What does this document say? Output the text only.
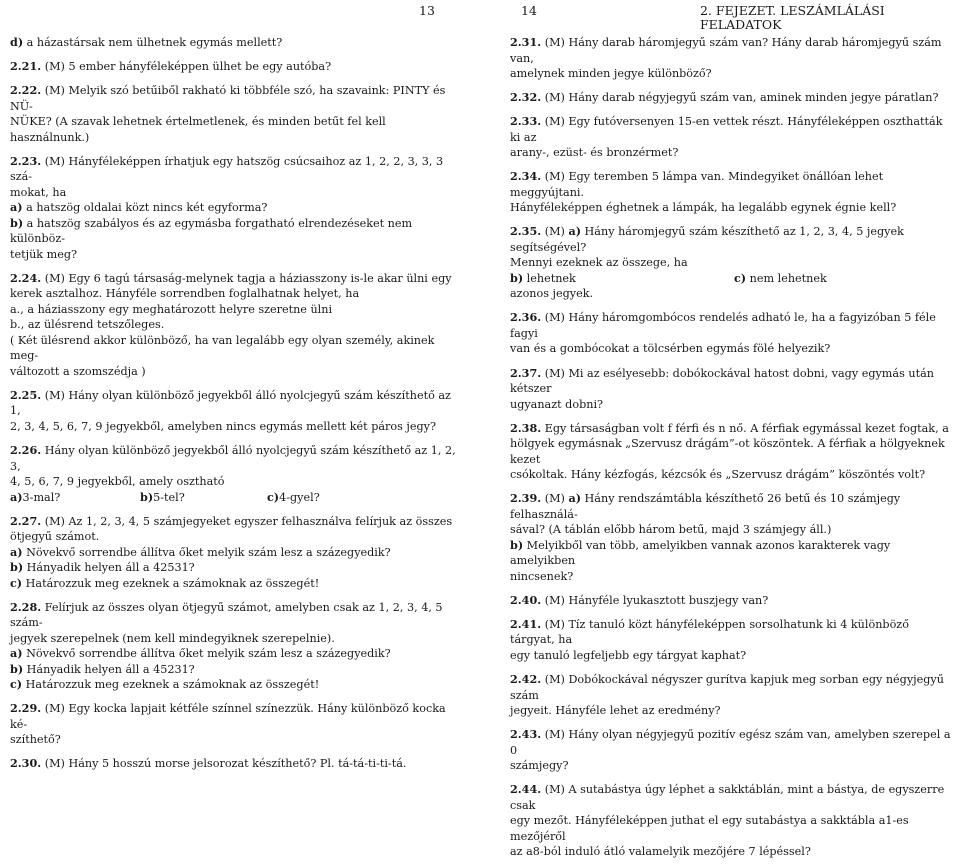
13

d) a házastársak nem ülhetnek egymás mellett?

2.21. (M) 5 ember hányféleképpen ülhet be egy autóba?

2.22. (M) Melyik szó betűiből rakható ki többféle szó, ha szavaink: PINTY és NÜ-
NÜKE? (A szavak lehetnek értelmetlenek, és minden betűt fel kell használnunk.)

2.23. (M) Hányféleképpen írhatjuk egy hatszög csúcsaihoz az 1, 2, 2, 3, 3, 3 szá-
mokat, ha
a) a hatszög oldalai közt nincs két egyforma?
b) a hatszög szabályos és az egymásba forgatható elrendezéseket nem különböz-
tetjük meg?

2.24. (M) Egy 6 tagú társaság-melynek tagja a háziasszony is-le akar ülni egy
kerek asztalhoz. Hányféle sorrendben foglalhatnak helyet, ha
a., a háziasszony egy meghatározott helyre szeretne ülni
b., az ülésrend tetszőleges.
( Két ülésrend akkor különböző, ha van legalább egy olyan személy, akinek meg-
változott a szomszédja )

2.25. (M) Hány olyan különböző jegyekből álló nyolcjegyű szám készíthető az 1,
2, 3, 4, 5, 6, 7, 9 jegyekből, amelyben nincs egymás mellett két páros jegy?

2.26. Hány olyan különböző jegyekből álló nyolcjegyű szám készíthető az 1, 2, 3,
4, 5, 6, 7, 9 jegyekből, amely osztható
a)3-mal?	b)5-tel?	c)4-gyel?

2.27. (M) Az 1, 2, 3, 4, 5 számjegyeket egyszer felhasználva felírjuk az összes
ötjegyű számot.
a) Növekvő sorrendbe állítva őket melyik szám lesz a százegyedik?
b) Hányadik helyen áll a 42531?
c) Határozzuk meg ezeknek a számoknak az összegét!

2.28. Felírjuk az összes olyan ötjegyű számot, amelyben csak az 1, 2, 3, 4, 5 szám-
jegyek szerepelnek (nem kell mindegyiknek szerepelnie).
a) Növekvő sorrendbe állítva őket melyik szám lesz a százegyedik?
b) Hányadik helyen áll a 45231?
c) Határozzuk meg ezeknek a számoknak az összegét!

2.29. (M) Egy kocka lapjait kétféle színnel színezzük. Hány különböző kocka ké-
szíthető?

2.30. (M) Hány 5 hosszú morse jelsorozat készíthető? Pl. tá-tá-ti-ti-tá.

14	2. FEJEZET. LESZÁMLÁLÁSI FELADATOK

2.31. (M) Hány darab háromjegyű szám van? Hány darab háromjegyű szám van,
amelynek minden jegye különböző?

2.32. (M) Hány darab négyjegyű szám van, aminek minden jegye páratlan?

2.33. (M) Egy futóversenyen 15-en vettek részt. Hányféleképpen oszthatták ki az
arany-, ezüst- és bronzérmet?

2.34. (M) Egy teremben 5 lámpa van. Mindegyiket önállóan lehet meggyújtani.
Hányféleképpen éghetnek a lámpák, ha legalább egynek égnie kell?

2.35. (M) a) Hány háromjegyű szám készíthető az 1, 2, 3, 4, 5 jegyek segítségével?
Mennyi ezeknek az összege, ha
b) lehetnek	c) nem lehetnek
azonos jegyek.

2.36. (M) Hány háromgombócos rendelés adható le, ha a fagyizóban 5 féle fagyi
van és a gombócokat a tölcsérben egymás fölé helyezik?

2.37. (M) Mi az esélyesebb: dobókockával hatost dobni, vagy egymás után kétszer
ugyanazt dobni?

2.38. Egy társaságban volt f férfi és n nő. A férfiak egymással kezet fogtak, a
hölgyek egymásnak „Szervusz drágám”-ot köszöntek. A férfiak a hölgyeknek kezet
csókoltak. Hány kézfogás, kézcsók és „Szervusz drágám” köszöntés volt?

2.39. (M) a) Hány rendszámtábla készíthető 26 betű és 10 számjegy felhasználá-
sával? (A táblán előbb három betű, majd 3 számjegy áll.)
b) Melyikből van több, amelyikben vannak azonos karakterek vagy amelyikben
nincsenek?

2.40. (M) Hányféle lyukasztott buszjegy van?

2.41. (M) Tíz tanuló közt hányféleképpen sorsolhatunk ki 4 különböző tárgyat, ha
egy tanuló legfeljebb egy tárgyat kaphat?

2.42. (M) Dobókockával négyszer gurítva kapjuk meg sorban egy négyjegyű szám
jegyeit. Hányféle lehet az eredmény?

2.43. (M) Hány olyan négyjegyű pozitív egész szám van, amelyben szerepel a 0
számjegy?

2.44. (M) A sutabástya úgy léphet a sakktáblán, mint a bástya, de egyszerre csak
egy mezőt. Hányféleképpen juthat el egy sutabástya a sakktábla a1-es mezőjéről
az a8-ból induló átló valamelyik mezőjére 7 lépéssel?
